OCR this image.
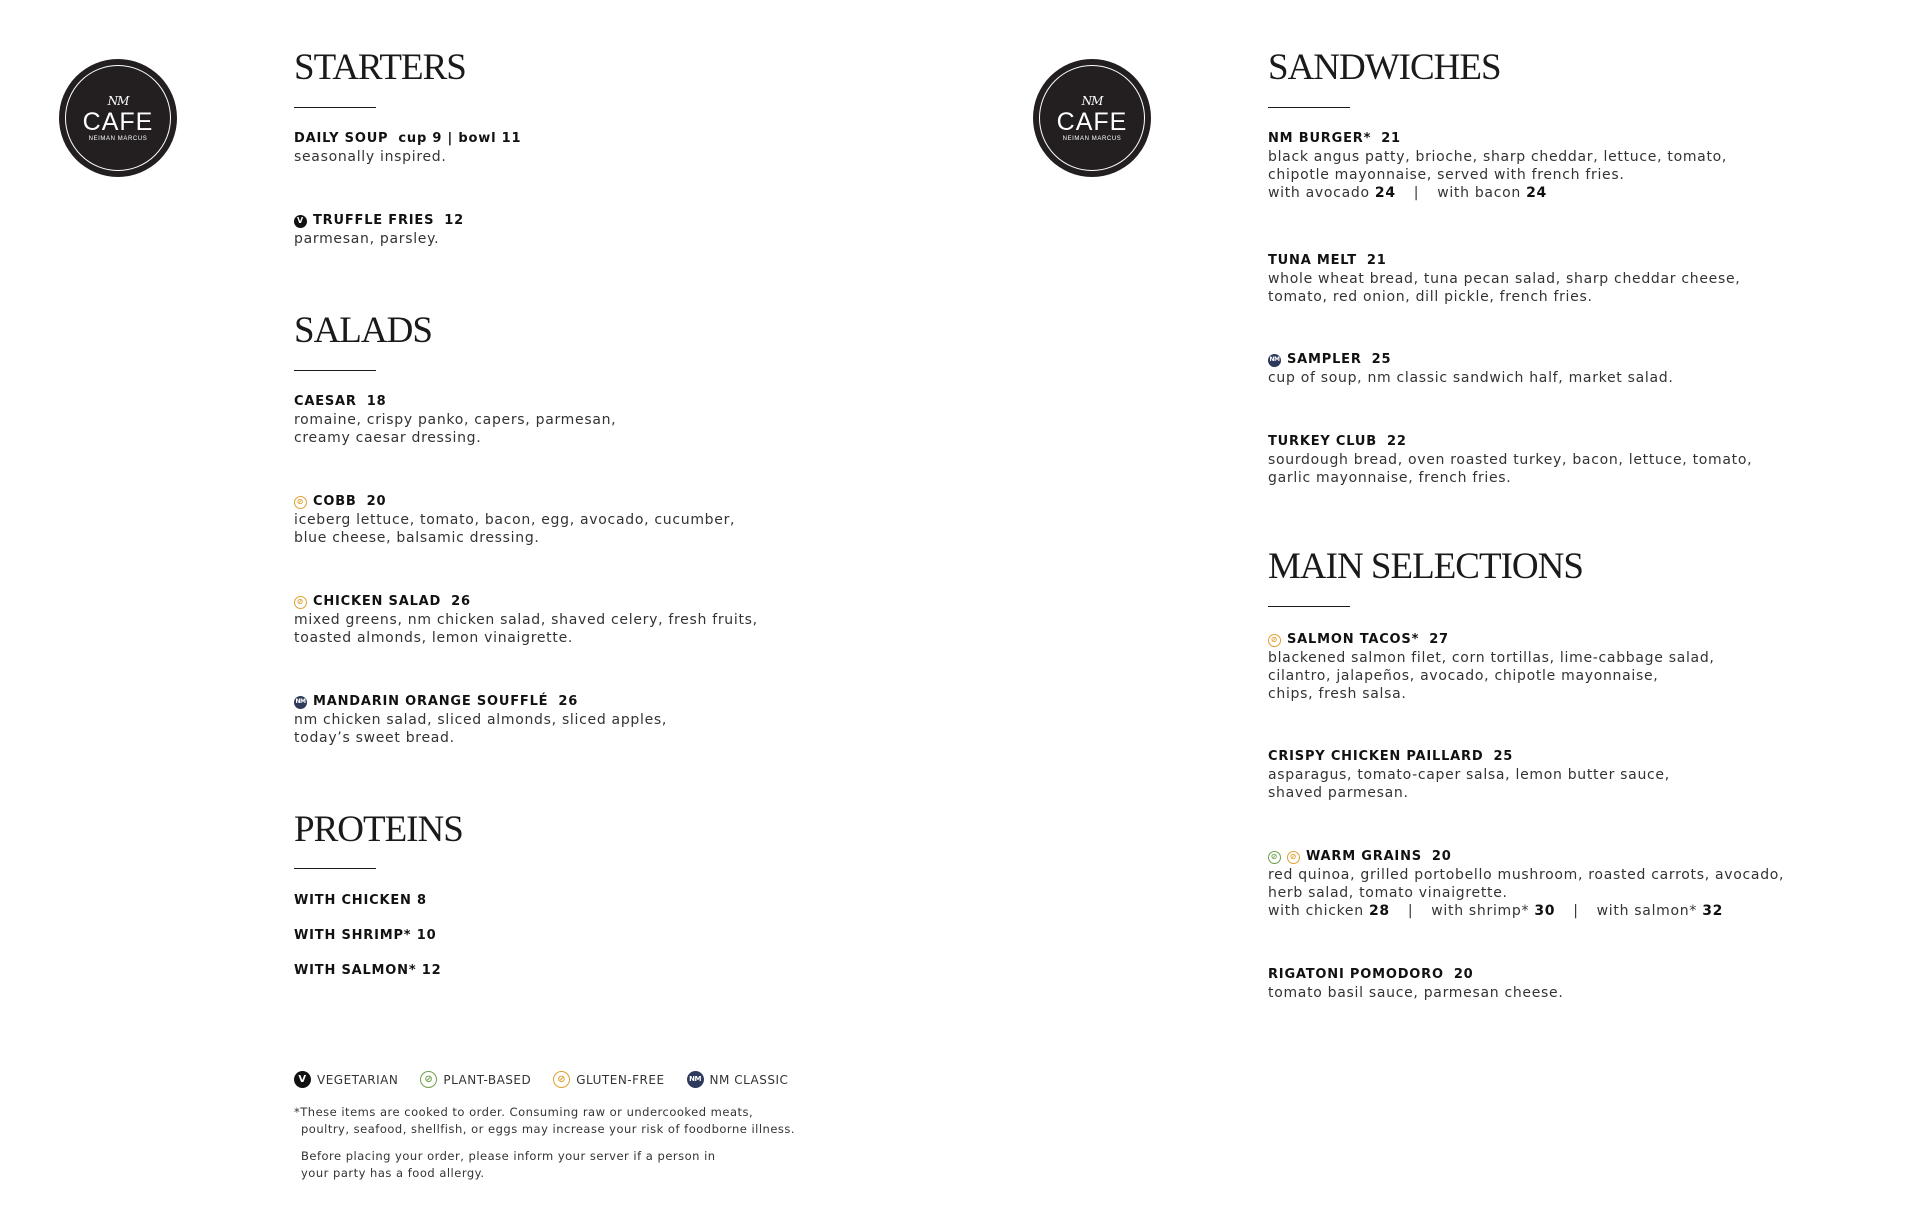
NM
CAFE
NEIMAN MARCUS
STARTERS
DAILY SOUP cup 9 | bowl 11
seasonally inspired.
V TRUFFLE FRIES 12
parmesan, parsley.
SALADS
CAESAR 18
romaine, crispy panko, capers, parmesan,
creamy caesar dressing.
⊘ COBB 20
iceberg lettuce, tomato, bacon, egg, avocado, cucumber,
blue cheese, balsamic dressing.
⊘ CHICKEN SALAD 26
mixed greens, nm chicken salad, shaved celery, fresh fruits,
toasted almonds, lemon vinaigrette.
NM MANDARIN ORANGE SOUFFLÉ 26
nm chicken salad, sliced almonds, sliced apples,
today’s sweet bread.
PROTEINS
WITH CHICKEN 8
WITH SHRIMP* 10
WITH SALMON* 12
V VEGETARIAN	⊘ PLANT-BASED	⊘ GLUTEN-FREE	NM NM CLASSIC
*These items are cooked to order. Consuming raw or undercooked meats,
poultry, seafood, shellfish, or eggs may increase your risk of foodborne illness.
Before placing your order, please inform your server if a person in
your party has a food allergy.
NM
CAFE
NEIMAN MARCUS
SANDWICHES
NM BURGER* 21
black angus patty, brioche, sharp cheddar, lettuce, tomato,
chipotle mayonnaise, served with french fries.
with avocado 24 | with bacon 24
TUNA MELT 21
whole wheat bread, tuna pecan salad, sharp cheddar cheese,
tomato, red onion, dill pickle, french fries.
NM SAMPLER 25
cup of soup, nm classic sandwich half, market salad.
TURKEY CLUB 22
sourdough bread, oven roasted turkey, bacon, lettuce, tomato,
garlic mayonnaise, french fries.
MAIN SELECTIONS
⊘ SALMON TACOS* 27
blackened salmon filet, corn tortillas, lime-cabbage salad,
cilantro, jalapeños, avocado, chipotle mayonnaise,
chips, fresh salsa.
CRISPY CHICKEN PAILLARD 25
asparagus, tomato-caper salsa, lemon butter sauce,
shaved parmesan.
⊘	⊘ WARM GRAINS 20
red quinoa, grilled portobello mushroom, roasted carrots, avocado,
herb salad, tomato vinaigrette.
with chicken 28 | with shrimp* 30 | with salmon* 32
RIGATONI POMODORO 20
tomato basil sauce, parmesan cheese.
